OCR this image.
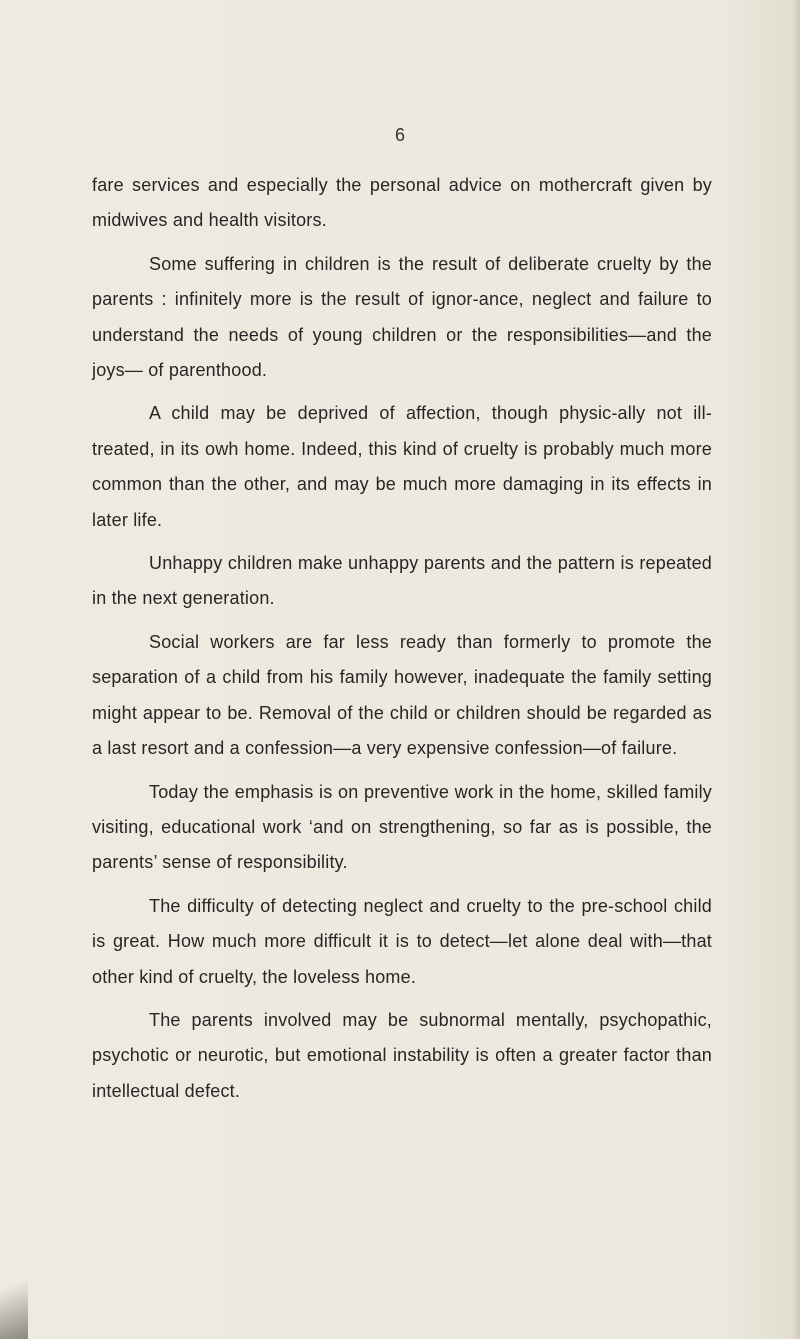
6

fare services and especially the personal advice on mothercraft given by midwives and health visitors.

Some suffering in children is the result of deliberate cruelty by the parents : infinitely more is the result of ignor-ance, neglect and failure to understand the needs of young children or the responsibilities—and the joys— of parenthood.

A child may be deprived of affection, though physic-ally not ill-treated, in its owh home. Indeed, this kind of cruelty is probably much more common than the other, and may be much more damaging in its effects in later life.

Unhappy children make unhappy parents and the pattern is repeated in the next generation.

Social workers are far less ready than formerly to promote the separation of a child from his family however, inadequate the family setting might appear to be. Removal of the child or children should be regarded as a last resort and a confession—a very expensive confession—of failure.

Today the emphasis is on preventive work in the home, skilled family visiting, educational work ‘and on strengthening, so far as is possible, the parents’ sense of responsibility.

The difficulty of detecting neglect and cruelty to the pre-school child is great. How much more difficult it is to detect—let alone deal with—that other kind of cruelty, the loveless home.

The parents involved may be subnormal mentally, psychopathic, psychotic or neurotic, but emotional instability is often a greater factor than intellectual defect.
